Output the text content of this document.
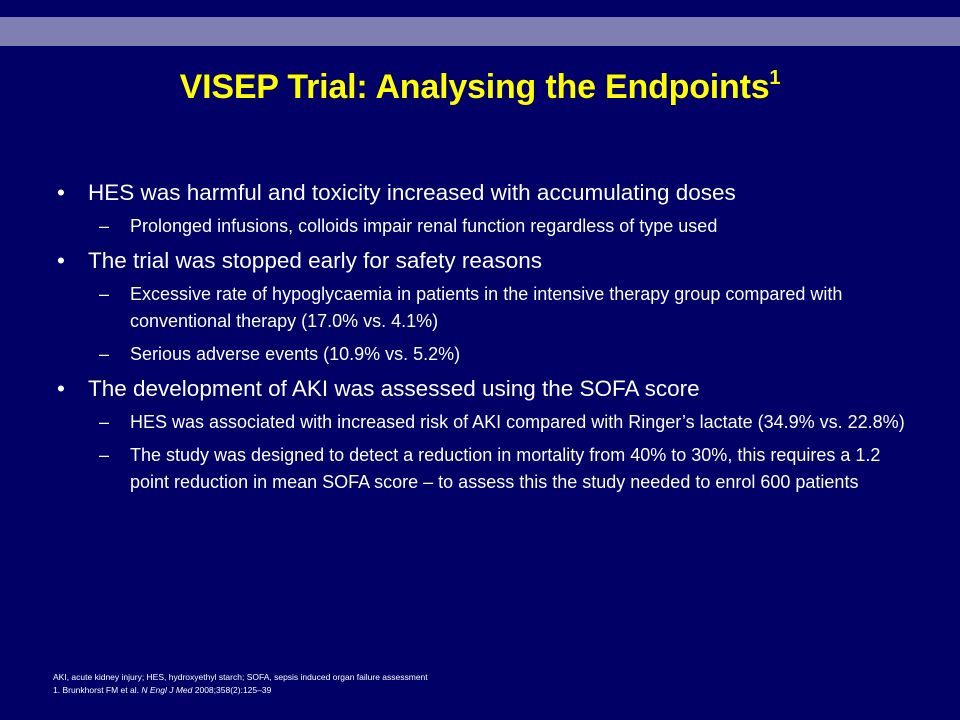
VISEP Trial: Analysing the Endpoints$^1$
• HES was harmful and toxicity increased with accumulating doses
– Prolonged infusions, colloids impair renal function regardless of type used
• The trial was stopped early for safety reasons
– Excessive rate of hypoglycaemia in patients in the intensive therapy group compared with conventional therapy (17.0% vs. 4.1%)
– Serious adverse events (10.9% vs. 5.2%)
• The development of AKI was assessed using the SOFA score
– HES was associated with increased risk of AKI compared with Ringer’s lactate (34.9% vs. 22.8%)
– The study was designed to detect a reduction in mortality from 40% to 30%, this requires a 1.2 point reduction in mean SOFA score – to assess this the study needed to enrol 600 patients
AKI, acute kidney injury; HES, hydroxyethyl starch; SOFA, sepsis induced organ failure assessment
1. Brunkhorst FM et al. N Engl J Med 2008;358(2):125–39
